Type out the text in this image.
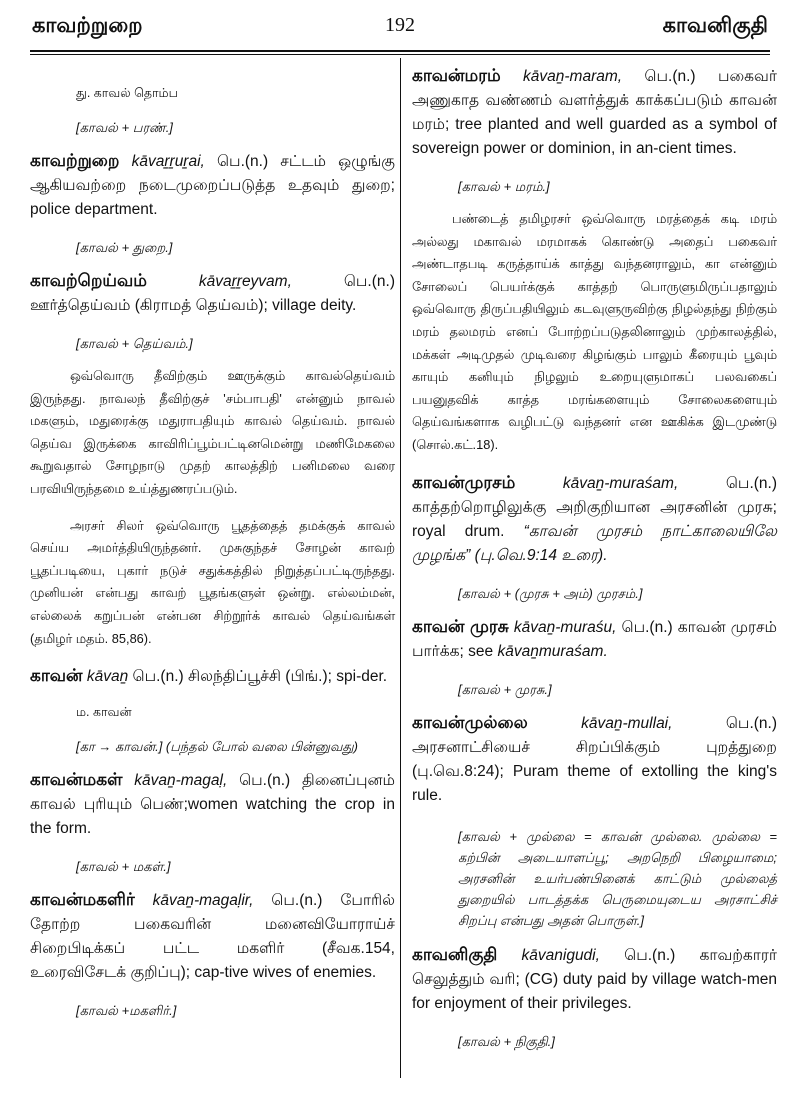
காவற்றுறை	192	காவனிகுதி
து. காவல் தொம்ப
[காவல் + பரண்.]

காவற்றுறை kāvaṟṟuṟai, பெ.(n.) சட்டம் ஒழுங்கு ஆகியவற்றை நடைமுறைப்படுத்த உதவும் துறை; police department.

[காவல் + துறை.]

காவற்றெய்வம்	kāvaṟṟeyvam, பெ.(n.) ஊர்த்தெய்வம் (கிராமத் தெய்வம்); village deity.

[காவல் + தெய்வம்.]

ஒவ்வொரு தீவிற்கும் ஊருக்கும் காவல்தெய்வம் இருந்தது. நாவலந் தீவிற்குச் 'சம்பாபதி' என்னும் நாவல் மகளும், மதுரைக்கு மதுராபதியும் காவல் தெய்வம். நாவல் தெய்வ இருக்கை காவிரிப்பூம்பட்டினமென்று மணிமேகலை கூறுவதால் சோழநாடு முதற் காலத்திற் பனிமலை வரை பரவியிருந்தமை உய்த்துணரப்படும்.

அரசர் சிலர் ஒவ்வொரு பூதத்தைத் தமக்குக் காவல் செய்ய அமர்த்தியிருந்தனர். முசுகுந்தச் சோழன் காவற் பூதப்படியை, புகார் நடுச் சதுக்கத்தில் நிறுத்தப்பட்டிருந்தது. முனியன் என்பது காவற் பூதங்களுள் ஒன்று. எல்லம்மன், எல்லைக் கறுப்பன் என்பன சிற்றூர்க் காவல் தெய்வங்கள் (தமிழர் மதம். 85,86).

காவன் kāvaṉ பெ.(n.) சிலந்திப்பூச்சி (பிங்.); spi-der.

ம. காவன்
[கா → காவன்.] (பந்தல் போல் வலை பின்னுவது)

காவன்மகள் kāvaṉ-magaḷ, பெ.(n.) தினைப்புனம் காவல் புரியும் பெண்;women watching the crop in the form.

[காவல் + மகள்.]

காவன்மகளிர் kāvaṉ-magaḷir, பெ.(n.) போரில் தோற்ற பகைவரின் மனைவியோராய்ச் சிறைபிடிக்கப் பட்ட மகளிர் (சீவக.154, உரைவிசேடக் குறிப்பு); cap-tive wives of enemies.

[காவல் +மகளிர்.]

காவன்மரம் kāvaṉ-maram, பெ.(n.) பகைவர் அணுகாத வண்ணம் வளர்த்துக் காக்கப்படும் காவன் மரம்; tree planted and well guarded as a symbol of sovereign power or dominion, in an-cient times.

[காவல் + மரம்.]

பண்டைத் தமிழரசர் ஒவ்வொரு மரத்தைக் கடி மரம் அல்லது மகாவல் மரமாகக் கொண்டு அதைப் பகைவர் அண்டாதபடி கருத்தாய்க் காத்து வந்தனராலும், கா என்னும் சோலைப் பெயர்க்குக் காத்தற் பொருளுமிருப்பதாலும் ஒவ்வொரு திருப்பதியிலும் கடவுளுருவிற்கு நிழல்தந்து நிற்கும் மரம் தலமரம் எனப் போற்றப்படுதலினாலும் முற்காலத்தில், மக்கள் அடிமுதல் முடிவரை கிழங்கும் பாலும் கீரையும் பூவும் காயும் கனியும் நிழலும் உறையுளுமாகப் பலவகைப் பயனுதவிக் காத்த மரங்களையும் சோலைகளையும் தெய்வங்களாக வழிபட்டு வந்தனர் என ஊகிக்க இடமுண்டு (சொல்.கட்.18).

காவன்முரசம்	kāvaṉ-muraśam, பெ.(n.) காத்தற்றொழிலுக்கு அறிகுறியான அரசனின் முரசு; royal drum. “காவன் முரசம் நாட்காலையிலே முழங்க” (பு.வெ.9:14 உரை).

[காவல் + (முரசு + அம்) முரசம்.]

காவன் முரசு kāvaṉ-muraśu, பெ.(n.) காவன் முரசம் பார்க்க; see kāvaṉmuraśam.

[காவல் + முரசு.]

காவன்முல்லை	kāvaṉ-mullai, பெ.(n.) அரசனாட்சியைச் சிறப்பிக்கும் புறத்துறை (பு.வெ.8:24); Puram theme of extolling the king's rule.

[காவல் + முல்லை = காவன் முல்லை. முல்லை = கற்பின் அடையாளப்பூ; அறநெறி பிழையாமை; அரசனின் உயர்பண்பினைக் காட்டும் முல்லைத் துறையில் பாடத்தக்க பெருமையுடைய அரசாட்சிச் சிறப்பு என்பது அதன் பொருள்.]

காவனிகுதி kāvanigudi, பெ.(n.) காவற்காரர் செலுத்தும் வரி; (CG) duty paid by village watch-men for enjoyment of their privileges.

[காவல் + நிகுதி.]
